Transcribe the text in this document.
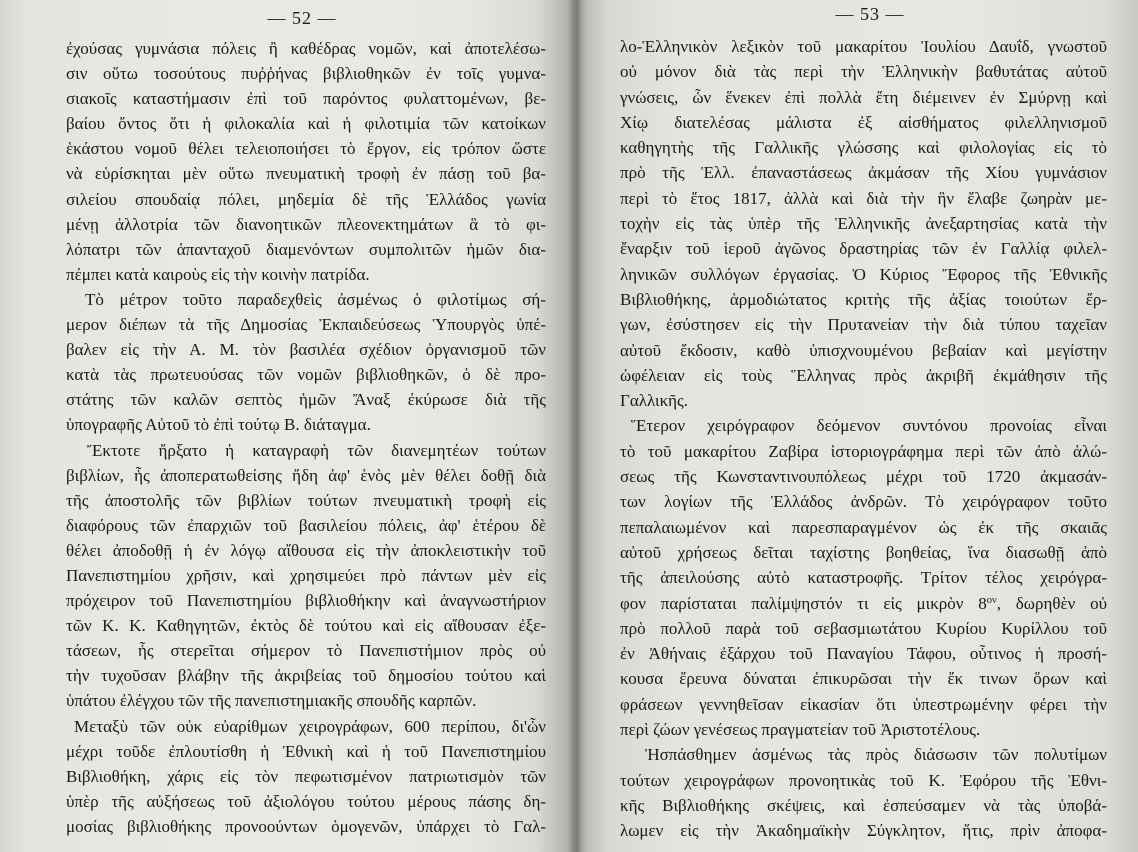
— 52 —
ἐχούσας γυμνάσια πόλεις ἢ καθέδρας νομῶν, καὶ ἀποτελέσω-
σιν οὕτω τοσούτους πυῤῥήνας βιβλιοθηκῶν ἐν τοῖς γυμνα-
σιακοῖς καταστήμασιν ἐπὶ τοῦ παρόντος φυλαττομένων, βε-
βαίου ὄντος ὅτι ἡ φιλοκαλία καὶ ἡ φιλοτιμία τῶν κατοίκων
ἑκάστου νομοῦ θέλει τελειοποιήσει τὸ ἔργον, εἰς τρόπον ὥστε
νὰ εὑρίσκηται μὲν οὕτω πνευματικὴ τροφὴ ἐν πάσῃ τοῦ βα-
σιλείου σπουδαίᾳ πόλει, μηδεμία δὲ τῆς Ἑλλάδος γωνία
μένῃ ἀλλοτρία τῶν διανοητικῶν πλεονεκτημάτων ἃ τὸ φι-
λόπατρι τῶν ἁπανταχοῦ διαμενόντων συμπολιτῶν ἡμῶν δια-
πέμπει κατὰ καιροὺς εἰς τὴν κοινὴν πατρίδα.
Τὸ μέτρον τοῦτο παραδεχθεὶς ἀσμένως ὁ φιλοτίμως σή-
μερον διέπων τὰ τῆς Δημοσίας Ἐκπαιδεύσεως Ὑπουργὸς ὑπέ-
βαλεν εἰς τὴν Α. Μ. τὸν βασιλέα σχέδιον ὀργανισμοῦ τῶν
κατὰ τὰς πρωτευούσας τῶν νομῶν βιβλιοθηκῶν, ὁ δὲ προ-
στάτης τῶν καλῶν σεπτὸς ἡμῶν Ἄναξ ἐκύρωσε διὰ τῆς
ὑπογραφῆς Αὐτοῦ τὸ ἐπὶ τούτῳ Β. διάταγμα.
Ἔκτοτε ἤρξατο ἡ καταγραφὴ τῶν διανεμητέων τούτων
βιβλίων, ἧς ἀποπερατωθείσης ἤδη ἀφ' ἑνὸς μὲν θέλει δοθῇ διὰ
τῆς ἀποστολῆς τῶν βιβλίων τούτων πνευματικὴ τροφὴ εἰς
διαφόρους τῶν ἐπαρχιῶν τοῦ βασιλείου πόλεις, ἀφ' ἑτέρου δὲ
θέλει ἀποδοθῇ ἡ ἐν λόγῳ αἴθουσα εἰς τὴν ἀποκλειστικὴν τοῦ
Πανεπιστημίου χρῆσιν, καὶ χρησιμεύει πρὸ πάντων μὲν εἰς
πρόχειρον τοῦ Πανεπιστημίου βιβλιοθήκην καὶ ἀναγνωστήριον
τῶν Κ. Κ. Καθηγητῶν, ἐκτὸς δὲ τούτου καὶ εἰς αἴθουσαν ἐξε-
τάσεων, ἧς στερεῖται σήμερον τὸ Πανεπιστήμιον πρὸς οὐ
τὴν τυχοῦσαν βλάβην τῆς ἀκριβείας τοῦ δημοσίου τούτου καὶ
ὑπάτου ἐλέγχου τῶν τῆς πανεπιστημιακῆς σπουδῆς καρπῶν.
Μεταξὺ τῶν οὐκ εὐαρίθμων χειρογράφων, 600 περίπου, δι'ὧν
μέχρι τοῦδε ἐπλουτίσθη ἡ Ἐθνικὴ καὶ ἡ τοῦ Πανεπιστημίου
Βιβλιοθήκη, χάρις εἰς τὸν πεφωτισμένον πατριωτισμὸν τῶν
ὑπὲρ τῆς αὐξήσεως τοῦ ἀξιολόγου τούτου μέρους πάσης δη-
μοσίας βιβλιοθήκης προνοούντων ὁμογενῶν, ὑπάρχει τὸ Γαλ-
— 53 —
λο-Ἑλληνικὸν λεξικὸν τοῦ μακαρίτου Ἰουλίου Δαυΐδ, γνωστοῦ
οὐ μόνον διὰ τὰς περὶ τὴν Ἑλληνικὴν βαθυτάτας αὐτοῦ
γνώσεις, ὧν ἕνεκεν ἐπὶ πολλὰ ἔτη διέμεινεν ἐν Σμύρνῃ καὶ
Χίῳ διατελέσας μάλιστα ἐξ αἰσθήματος φιλελληνισμοῦ
καθηγητὴς τῆς Γαλλικῆς γλώσσης καὶ φιλολογίας εἰς τὸ
πρὸ τῆς Ἑλλ. ἐπαναστάσεως ἀκμάσαν τῆς Χίου γυμνάσιον
περὶ τὸ ἔτος 1817, ἀλλὰ καὶ διὰ τὴν ἣν ἔλαβε ζωηρὰν με-
τοχὴν εἰς τὰς ὑπὲρ τῆς Ἑλληνικῆς ἀνεξαρτησίας κατὰ τὴν
ἔναρξιν τοῦ ἱεροῦ ἀγῶνος δραστηρίας τῶν ἐν Γαλλίᾳ φιλελ-
ληνικῶν συλλόγων ἐργασίας. Ὁ Κύριος Ἔφορος τῆς Ἐθνικῆς
Βιβλιοθήκης, ἁρμοδιώτατος κριτὴς τῆς ἀξίας τοιούτων ἔρ-
γων, ἐσύστησεν εἰς τὴν Πρυτανείαν τὴν διὰ τύπου ταχεῖαν
αὐτοῦ ἔκδοσιν, καθὸ ὑπισχνουμένου βεβαίαν καὶ μεγίστην
ὠφέλειαν εἰς τοὺς Ἕλληνας πρὸς ἀκριβῆ ἐκμάθησιν τῆς
Γαλλικῆς.
Ἕτερον χειρόγραφον δεόμενον συντόνου προνοίας εἶναι
τὸ τοῦ μακαρίτου Ζαβίρα ἱστοριογράφημα περὶ τῶν ἀπὸ ἁλώ-
σεως τῆς Κωνσταντινουπόλεως μέχρι τοῦ 1720 ἀκμασάν-
των λογίων τῆς Ἑλλάδος ἀνδρῶν. Τὸ χειρόγραφον τοῦτο
πεπαλαιωμένον καὶ παρεσπαραγμένον ὡς ἐκ τῆς σκαιᾶς
αὐτοῦ χρήσεως δεῖται ταχίστης βοηθείας, ἵνα διασωθῇ ἀπὸ
τῆς ἀπειλούσης αὐτὸ καταστροφῆς. Τρίτον τέλος χειρόγρα-
φον παρίσταται παλίμψηστόν τι εἰς μικρὸν $8^{o\nu}$, δωρηθὲν οὐ
πρὸ πολλοῦ παρὰ τοῦ σεβασμιωτάτου Κυρίου Κυρίλλου τοῦ
ἐν Ἀθήναις ἐξάρχου τοῦ Παναγίου Τάφου, οὗτινος ἡ προσή-
κουσα ἔρευνα δύναται ἐπικυρῶσαι τὴν ἔκ τινων ὅρων καὶ
φράσεων γεννηθεῖσαν εἰκασίαν ὅτι ὑπεστρωμένην φέρει τὴν
περὶ ζώων γενέσεως πραγματείαν τοῦ Ἀριστοτέλους.
Ἠσπάσθημεν ἀσμένως τὰς πρὸς διάσωσιν τῶν πολυτίμων
τούτων χειρογράφων προνοητικὰς τοῦ Κ. Ἐφόρου τῆς Ἐθνι-
κῆς Βιβλιοθήκης σκέψεις, καὶ ἐσπεύσαμεν νὰ τὰς ὑποβά-
λωμεν εἰς τὴν Ἀκαδημαϊκὴν Σύγκλητον, ἥτις, πρὶν ἀποφα-
